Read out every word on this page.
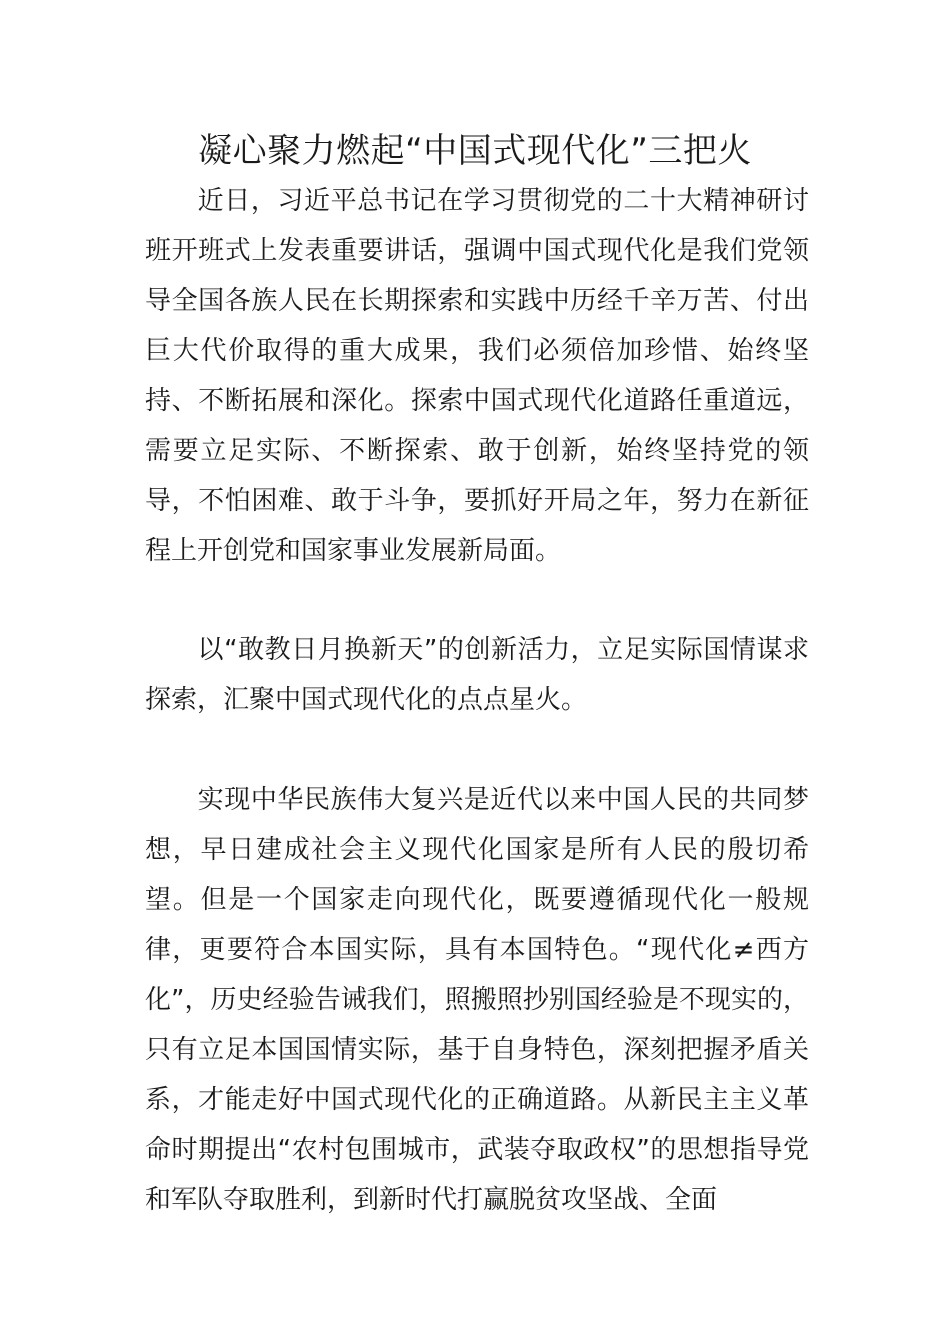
凝心聚力燃起“中国式现代化”三把火
近日，习近平总书记在学习贯彻党的二十大精神研讨班开班式上发表重要讲话，强调中国式现代化是我们党领导全国各族人民在长期探索和实践中历经千辛万苦、付出巨大代价取得的重大成果，我们必须倍加珍惜、始终坚持、不断拓展和深化。探索中国式现代化道路任重道远，需要立足实际、不断探索、敢于创新，始终坚持党的领导，不怕困难、敢于斗争，要抓好开局之年，努力在新征程上开创党和国家事业发展新局面。
以“敢教日月换新天”的创新活力，立足实际国情谋求探索，汇聚中国式现代化的点点星火。
实现中华民族伟大复兴是近代以来中国人民的共同梦想，早日建成社会主义现代化国家是所有人民的殷切希望。但是一个国家走向现代化，既要遵循现代化一般规律，更要符合本国实际，具有本国特色。“现代化≠西方化”，历史经验告诫我们，照搬照抄别国经验是不现实的，只有立足本国国情实际，基于自身特色，深刻把握矛盾关系，才能走好中国式现代化的正确道路。从新民主主义革命时期提出“农村包围城市，武装夺取政权”的思想指导党和军队夺取胜利，到新时代打赢脱贫攻坚战、全面
